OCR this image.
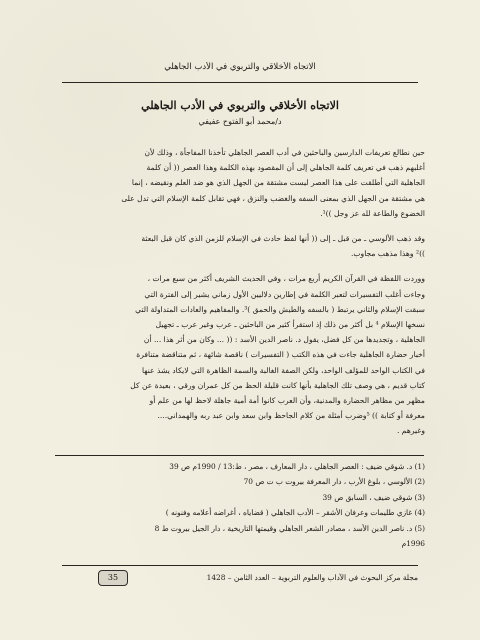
الاتجاه الأخلاقي والتربوي في الأدب الجاهلي
الاتجاه الأخلاقي والتربوي في الأدب الجاهلي
د/محمد أبو الفتوح عفيفي
حين نطالع تعريفات الدارسين والباحثين في أدب العصر الجاهلي تأخذنا المفاجأة ، وذلك لأن
أغلبهم ذهب في تعريف كلمة الجاهلي إلى أن المقصود بهذه الكلمة وهذا العصر (( أن كلمة
الجاهلية التي أطلقت على هذا العصر ليست مشتقة من الجهل الذي هو ضد العلم ونقيضه ، إنما
هي مشتقة من الجهل الذي بمعنى السفه والغضب والنزق ، فهي تقابل كلمة الإسلام التي تدل على
الخضوع والطاعة لله عز وجل ))¹.
وقد ذهب الألوسي ـ من قبل ـ إلى (( أنها لفظ حادث في الإسلام للزمن الذي كان قبل البعثة
))² وهذا مذهب مجاوب.
ووردت اللفظة في القرآن الكريم أربع مرات ، وفي الحديث الشريف أكثر من سبع مرات ،
وجاءت أغلب التفسيرات لتعبر الكلمة في إطارين دلاليين الأول زماني يشير إلى الفترة التي
سبقت الإسلام والثاني يرتبط ( بالسفه والطيش والحمق )³. والمفاهيم والعادات المتداولة التي
نسخها الإسلام ⁴ بل أكثر من ذلك إذ استقرأ كثير من الباحثين ـ عرب وغير عرب ـ تجهيل
الجاهلية ، وتجديدها من كل فضل، يقول د. ناصر الدين الأسد : (( ... وكان من أثر هذا ... أن
أخبار حضارة الجاهلية جاءت في هذه الكتب ( التفسيرات ) ناقصة شائهة ، ثم متناقضة متنافرة
في الكتاب الواحد للمؤلف الواحد، ولكن الصفة الغالبة والسمة الظاهرة التي لايكاد يشذ عنها
كتاب قديم ، هي وصف تلك الجاهلية بأنها كانت قليلة الحظ من كل عمران ورقي ، بعيدة عن كل
مظهر من مظاهر الحضارة والمدنية، وأن العرب كانوا أمة أمية جاهلة لاحظ لها من علم أو
معرفة أو كتابة )) ⁵وضرب أمثلة من كلام الجاحظ وابن سعد وابن عبد ربه والهمداني....
وغيرهم .
(1) د. شوقي ضيف : العصر الجاهلي ، دار المعارف ، مصر ، ط:13 / 1990م ص 39
(2) الألوسي ، بلوغ الأرب ، دار المعرفة بيروت ب ت ص 70
(3) شوقي ضيف ، السابق ص 39
(4) غازي طليمات وعرفان الأشقر – الأدب الجاهلي ( قضاياه ، أغراضه أعلامه وفنونه )
(5) د. ناصر الدين الأسد ، مصادر الشعر الجاهلي وقيمتها التاريخية ، دار الجيل بيروت ط 8
1996م
مجلة مركز البحوث في الآداب والعلوم التربوية – العدد الثامن – 1428
35
